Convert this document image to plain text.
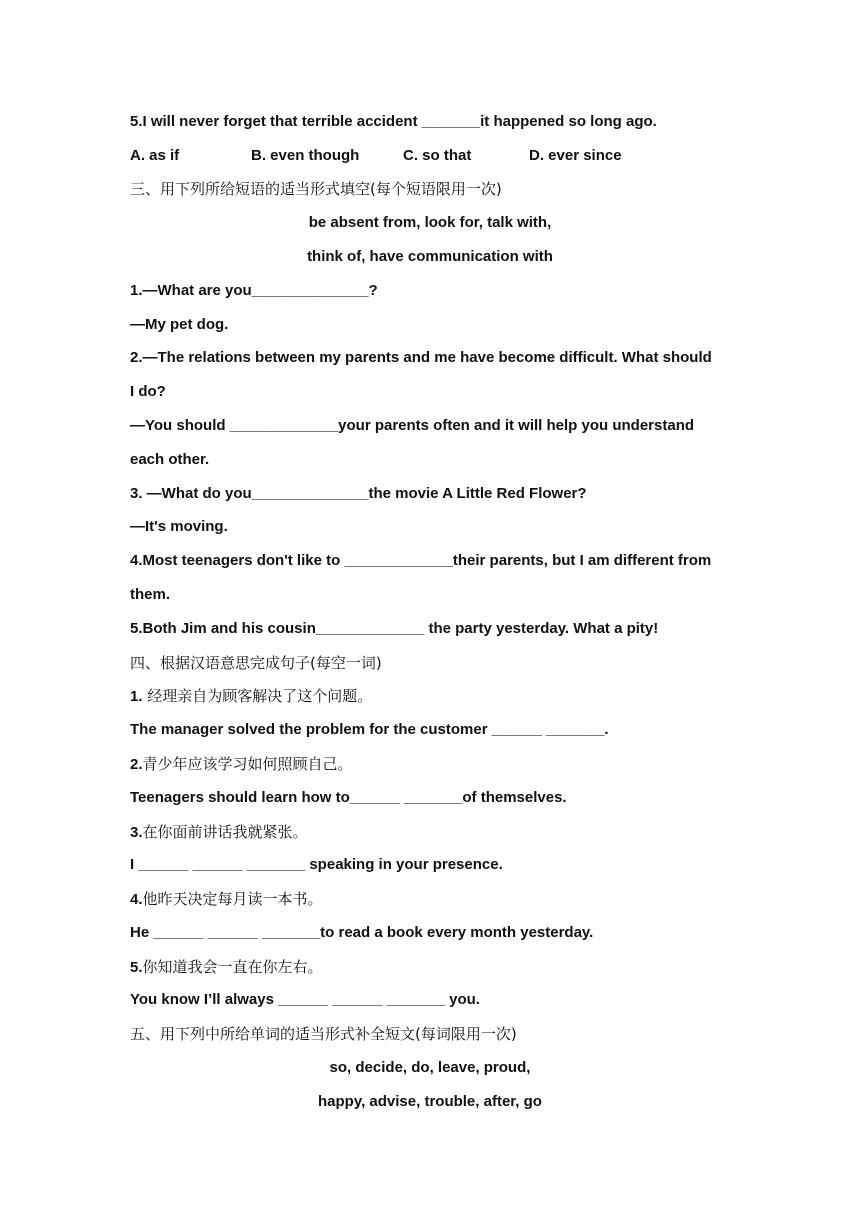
5.I will never forget that terrible accident _______it happened so long ago.
A. as if	B. even though	C. so that	D. ever since
三、用下列所给短语的适当形式填空(每个短语限用一次)
be absent from, look for, talk with,
think of, have communication with
1.—What are you______________?
—My pet dog.
2.—The relations between my parents and me have become difficult. What should
I do?
—You should _____________your parents often and it will help you understand
each other.
3. —What do you______________the movie A Little Red Flower?
—It's moving.
4.Most teenagers don't like to _____________their parents, but I am different from
them.
5.Both Jim and his cousin_____________ the party yesterday. What a pity!
四、根据汉语意思完成句子(每空一词)
1. 经理亲自为顾客解决了这个问题。
The manager solved the problem for the customer ______ _______.
2.青少年应该学习如何照顾自己。
Teenagers should learn how to______ _______of themselves.
3.在你面前讲话我就紧张。
I ______ ______ _______ speaking in your presence.
4.他昨天决定每月读一本书。
He ______ ______ _______to read a book every month yesterday.
5.你知道我会一直在你左右。
You know I’ll always ______ ______ _______ you.
五、用下列中所给单词的适当形式补全短文(每词限用一次)
so, decide, do, leave, proud,
happy, advise, trouble, after, go
